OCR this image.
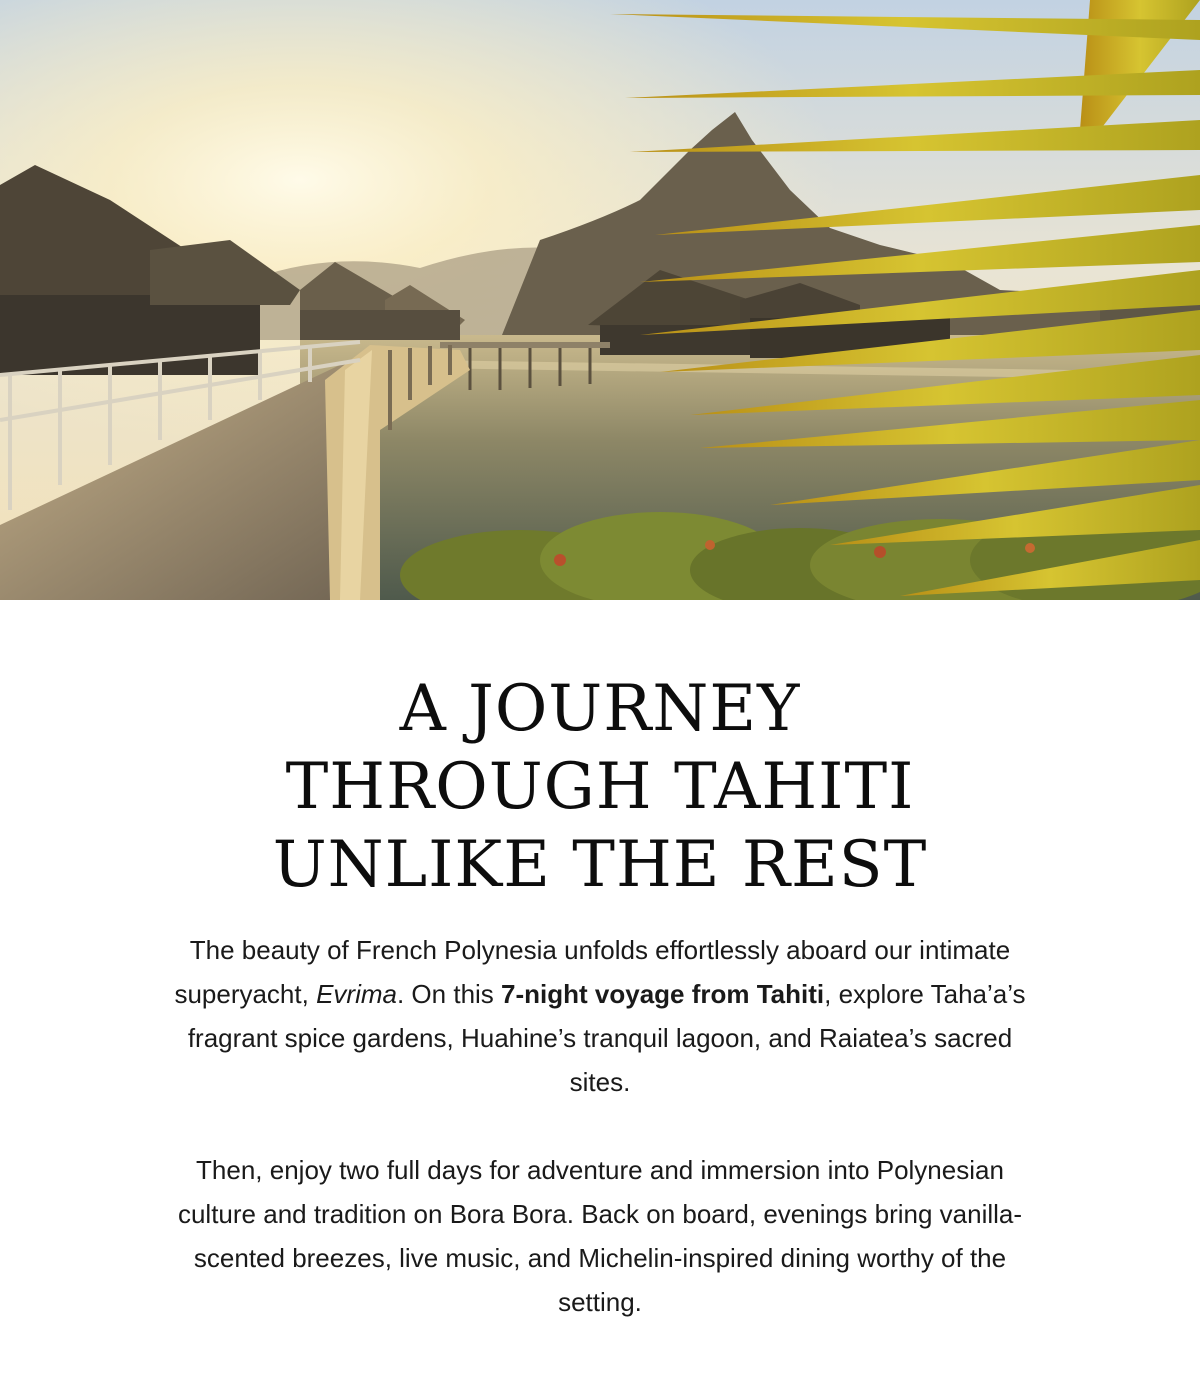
A JOURNEY
THROUGH TAHITI
UNLIKE THE REST

The beauty of French Polynesia unfolds effortlessly aboard our intimate superyacht, Evrima. On this 7-night voyage from Tahiti, explore Taha’a’s fragrant spice gardens, Huahine’s tranquil lagoon, and Raiatea’s sacred sites.

Then, enjoy two full days for adventure and immersion into Polynesian culture and tradition on Bora Bora. Back on board, evenings bring vanilla-scented breezes, live music, and Michelin-inspired dining worthy of the setting.
